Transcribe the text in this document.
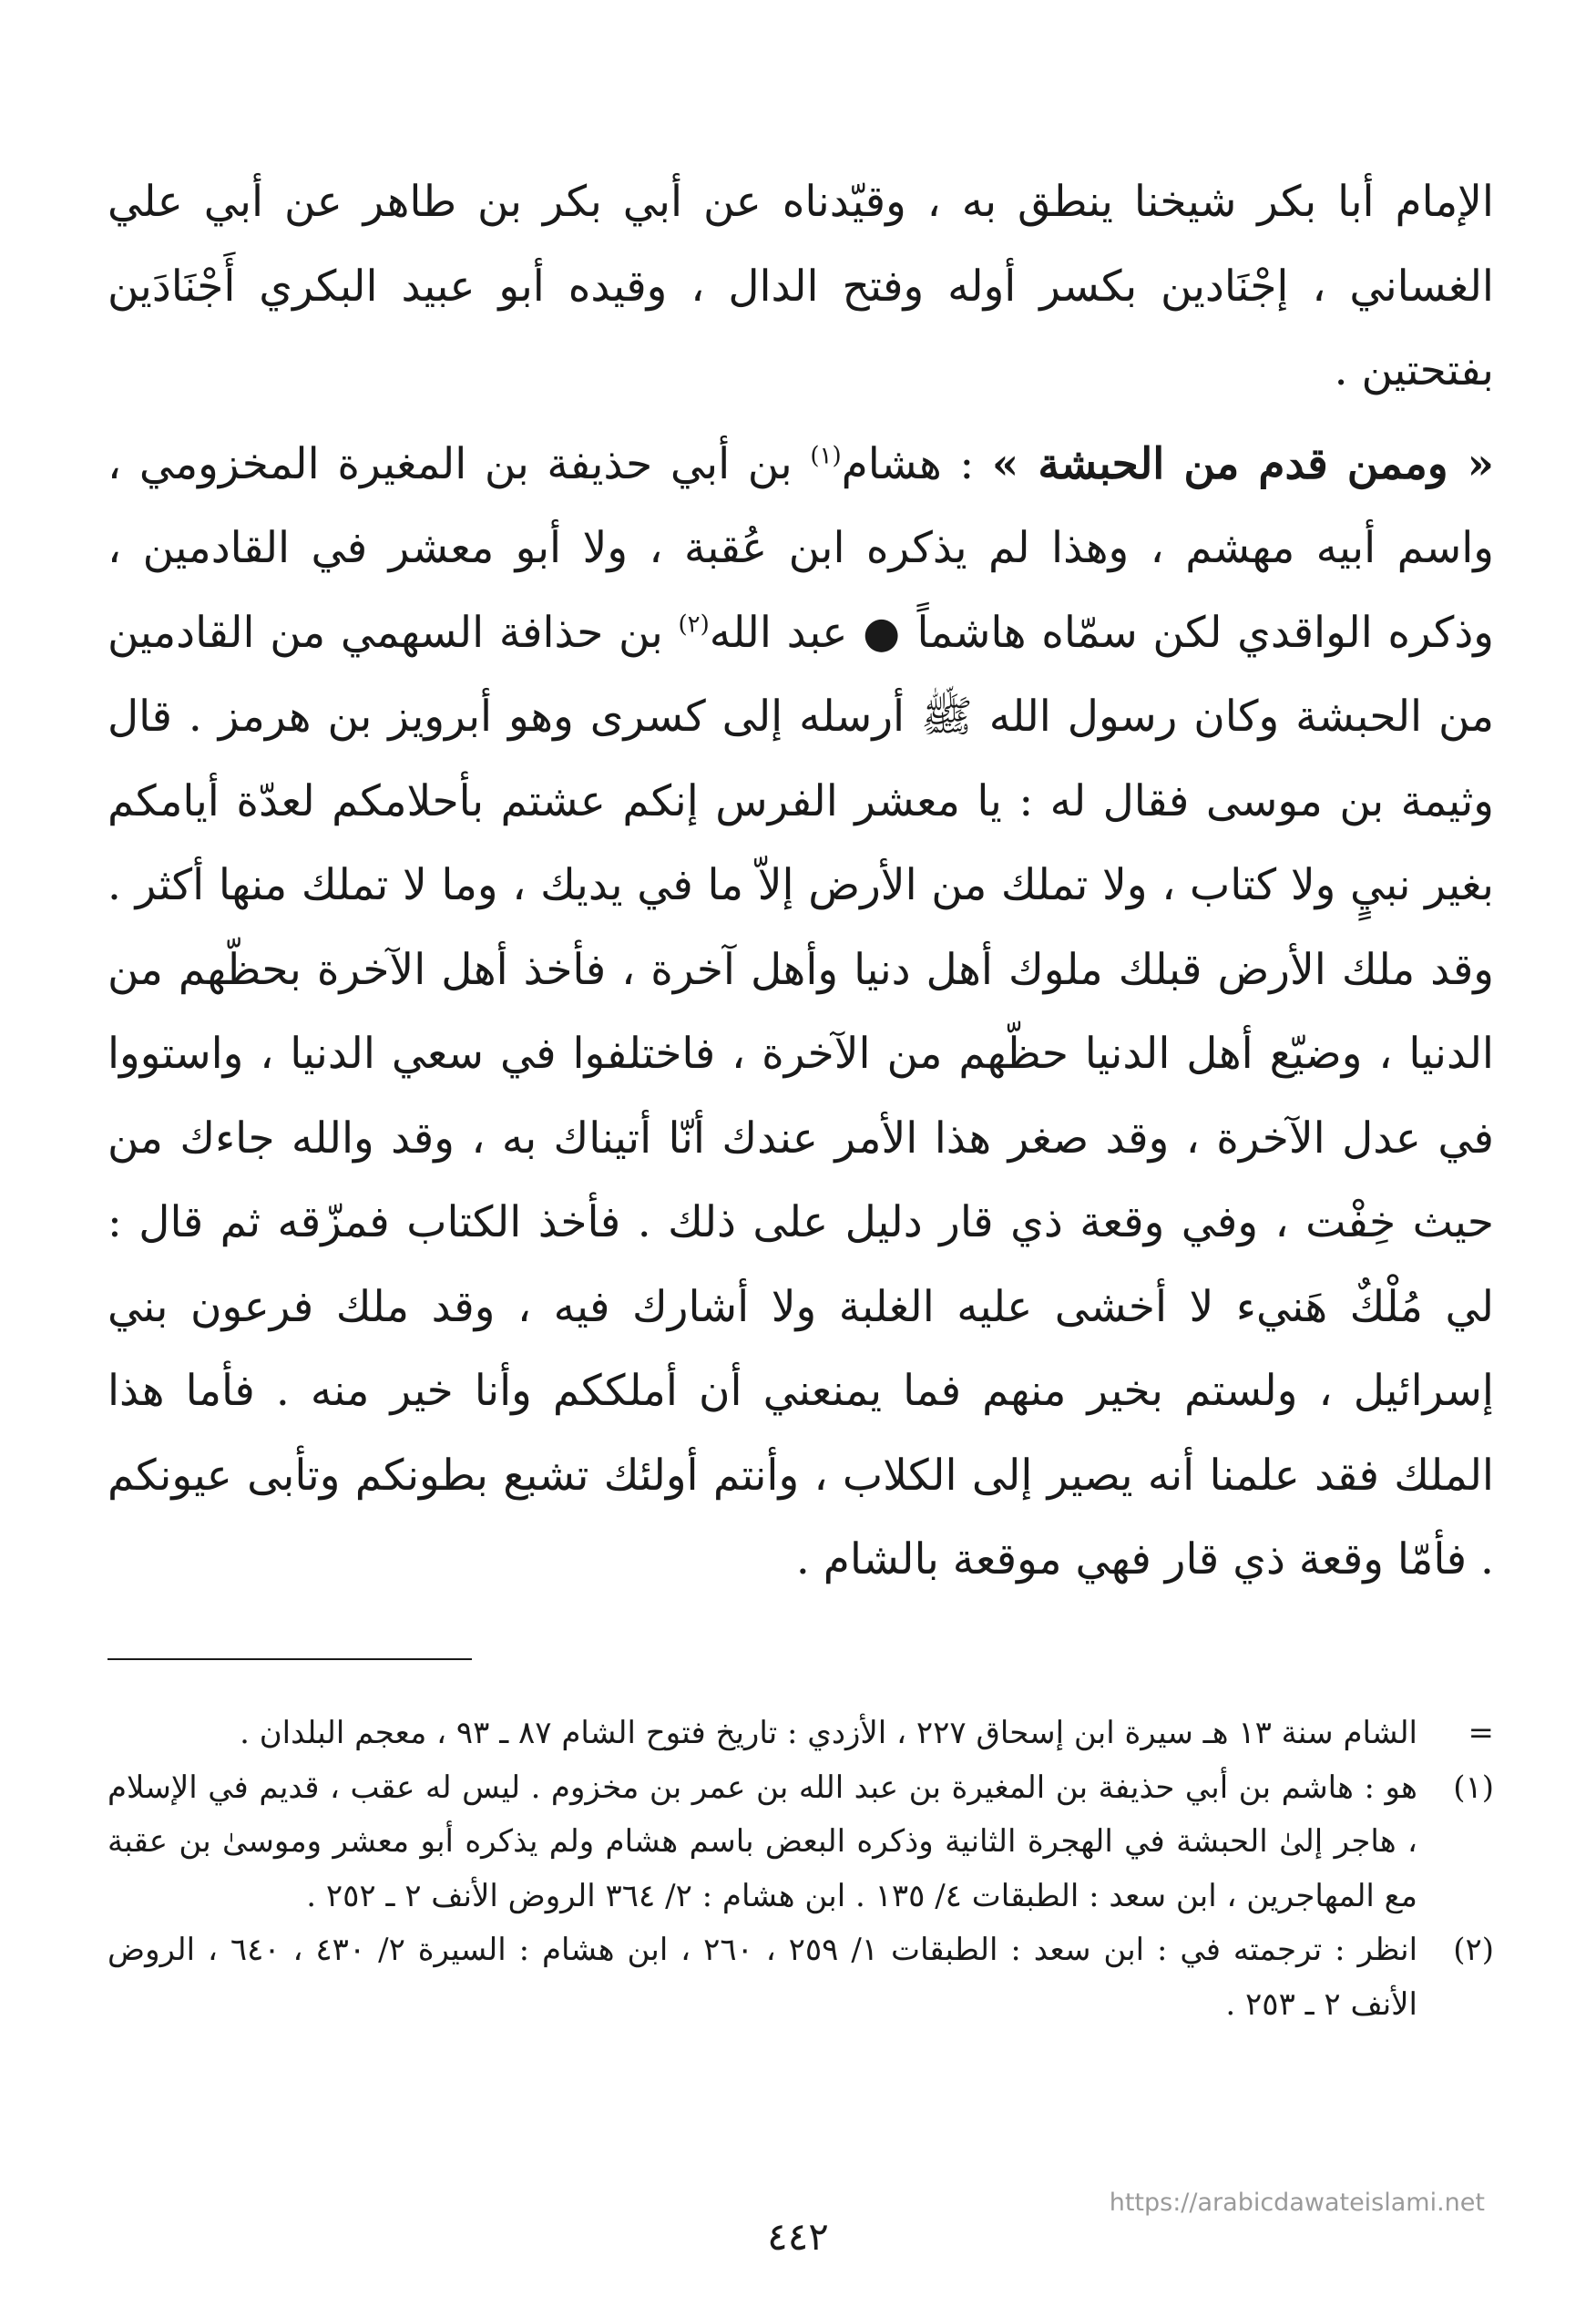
الإمام أبا بكر شيخنا ينطق به ، وقيّدناه عن أبي بكر بن طاهر عن أبي علي الغساني ، إجْنَادين بكسر أوله وفتح الدال ، وقيده أبو عبيد البكري أَجْنَادَين بفتحتين .

« وممن قدم من الحبشة » : هشام$^{(١)}$ بن أبي حذيفة بن المغيرة المخزومي ، واسم أبيه مهشم ، وهذا لم يذكره ابن عُقبة ، ولا أبو معشر في القادمين ، وذكره الواقدي لكن سمّاه هاشماً ● عبد الله$^{(٢)}$ بن حذافة السهمي من القادمين من الحبشة وكان رسول الله ﷺ أرسله إلى كسرى وهو أبرويز بن هرمز . قال وثيمة بن موسى فقال له : يا معشر الفرس إنكم عشتم بأحلامكم لعدّة أيامكم بغير نبيٍ ولا كتاب ، ولا تملك من الأرض إلاّ ما في يديك ، وما لا تملك منها أكثر . وقد ملك الأرض قبلك ملوك أهل دنيا وأهل آخرة ، فأخذ أهل الآخرة بحظّهم من الدنيا ، وضيّع أهل الدنيا حظّهم من الآخرة ، فاختلفوا في سعي الدنيا ، واستووا في عدل الآخرة ، وقد صغر هذا الأمر عندك أنّا أتيناك به ، وقد والله جاءك من حيث خِفْت ، وفي وقعة ذي قار دليل على ذلك . فأخذ الكتاب فمزّقه ثم قال : لي مُلْكٌ هَنيء لا أخشى عليه الغلبة ولا أشارك فيه ، وقد ملك فرعون بني إسرائيل ، ولستم بخير منهم فما يمنعني أن أملككم وأنا خير منه . فأما هذا الملك فقد علمنا أنه يصير إلى الكلاب ، وأنتم أولئك تشبع بطونكم وتأبى عيونكم . فأمّا وقعة ذي قار فهي موقعة بالشام .

=
الشام سنة ١٣ هـ سيرة ابن إسحاق ٢٢٧ ، الأزدي : تاريخ فتوح الشام ٨٧ ـ ٩٣ ، معجم البلدان .
(١)
هو : هاشم بن أبي حذيفة بن المغيرة بن عبد الله بن عمر بن مخزوم . ليس له عقب ، قديم في الإسلام ، هاجر إلىٰ الحبشة في الهجرة الثانية وذكره البعض باسم هشام ولم يذكره أبو معشر وموسىٰ بن عقبة مع المهاجرين ، ابن سعد : الطبقات ٤/ ١٣٥ . ابن هشام : ٢/ ٣٦٤ الروض الأنف ٢ ـ ٢٥٢ .
(٢)
انظر : ترجمته في : ابن سعد : الطبقات ١/ ٢٥٩ ، ٢٦٠ ، ابن هشام : السيرة ٢/ ٤٣٠ ، ٦٤٠ ، الروض الأنف ٢ ـ ٢٥٣ .
https://arabicdawateislami.net
٤٤٢
